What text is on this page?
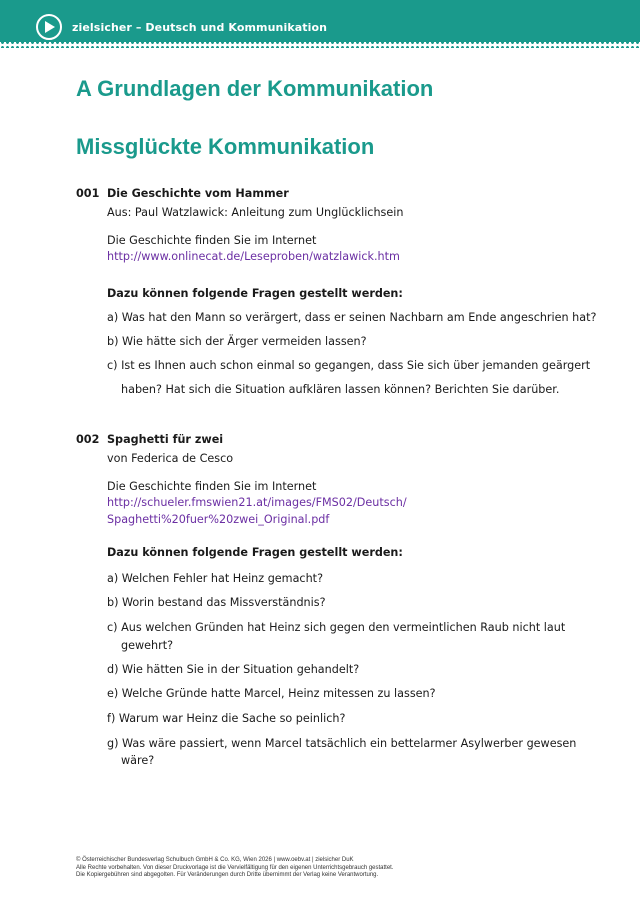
zielsicher – Deutsch und Kommunikation
A Grundlagen der Kommunikation
Missglückte Kommunikation
001 Die Geschichte vom Hammer
Aus: Paul Watzlawick: Anleitung zum Unglücklichsein
Die Geschichte finden Sie im Internet
http://www.onlinecat.de/Leseproben/watzlawick.htm
Dazu können folgende Fragen gestellt werden:
a) Was hat den Mann so verärgert, dass er seinen Nachbarn am Ende angeschrien hat?
b) Wie hätte sich der Ärger vermeiden lassen?
c) Ist es Ihnen auch schon einmal so gegangen, dass Sie sich über jemanden geärgert
haben? Hat sich die Situation aufklären lassen können? Berichten Sie darüber.
002 Spaghetti für zwei
von Federica de Cesco
Die Geschichte finden Sie im Internet
http://schueler.fmswien21.at/images/FMS02/Deutsch/
Spaghetti%20fuer%20zwei_Original.pdf
Dazu können folgende Fragen gestellt werden:
a) Welchen Fehler hat Heinz gemacht?
b) Worin bestand das Missverständnis?
c) Aus welchen Gründen hat Heinz sich gegen den vermeintlichen Raub nicht laut
gewehrt?
d) Wie hätten Sie in der Situation gehandelt?
e) Welche Gründe hatte Marcel, Heinz mitessen zu lassen?
f) Warum war Heinz die Sache so peinlich?
g) Was wäre passiert, wenn Marcel tatsächlich ein bettelarmer Asylwerber gewesen
wäre?
© Österreichischer Bundesverlag Schulbuch GmbH & Co. KG, Wien 2026 | www.oebv.at | zielsicher DuK
Alle Rechte vorbehalten. Von dieser Druckvorlage ist die Vervielfältigung für den eigenen Unterrichtsgebrauch gestattet.
Die Kopiergebühren sind abgegolten. Für Veränderungen durch Dritte übernimmt der Verlag keine Verantwortung.
